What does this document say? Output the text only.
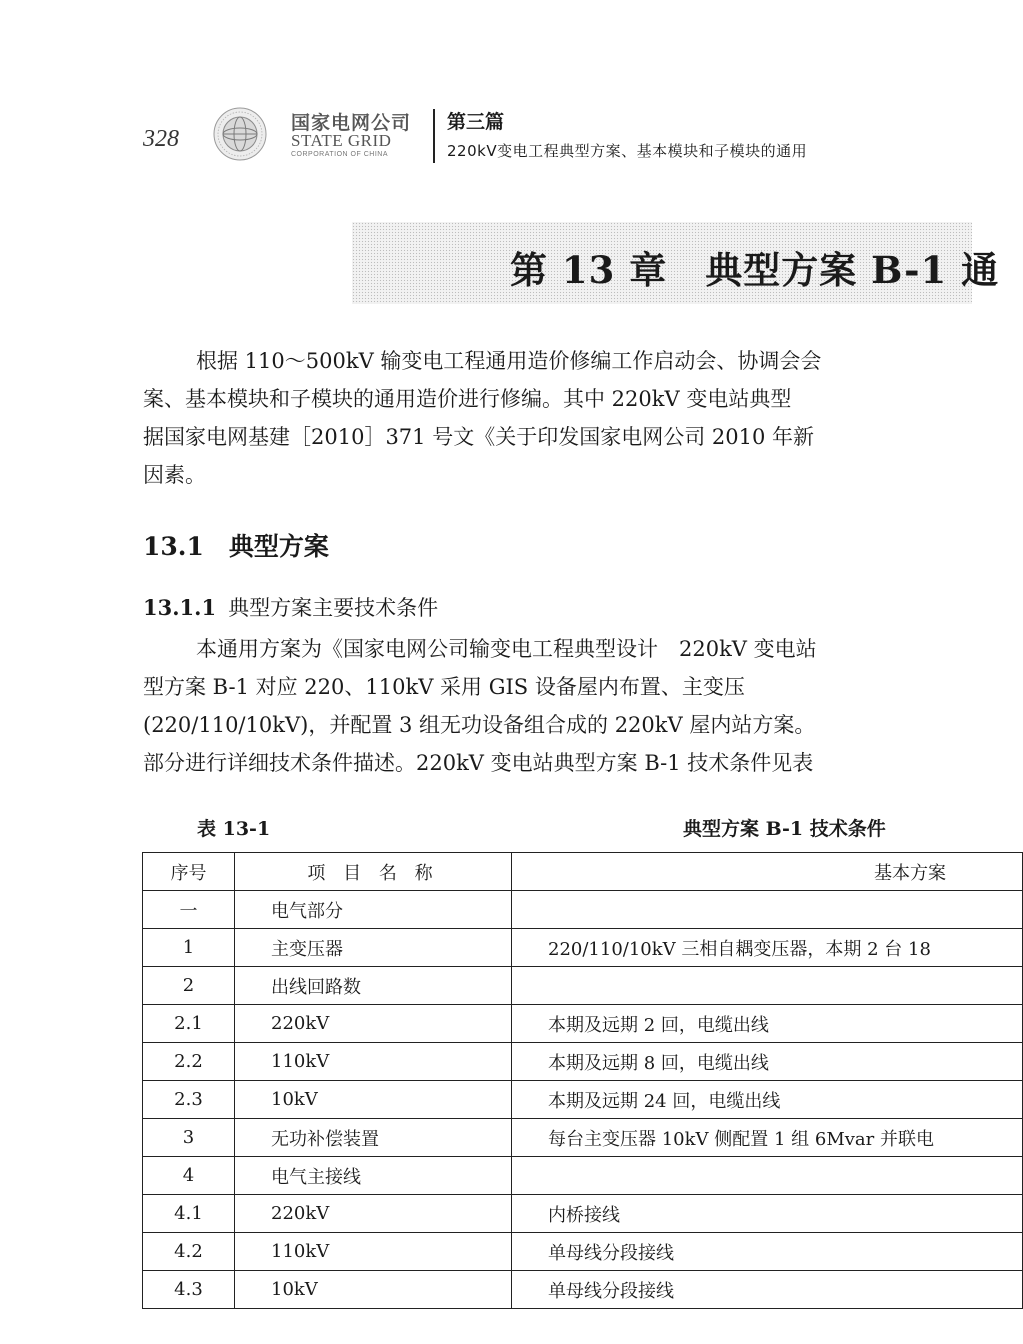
328
国家电网公司
STATE GRID
CORPORATION OF CHINA
第三篇
220kV变电工程典型方案、基本模块和子模块的通用
第 13 章　典型方案 B-1 通
根据 110～500kV 输变电工程通用造价修编工作启动会、协调会会
案、基本模块和子模块的通用造价进行修编。其中 220kV 变电站典型
据国家电网基建［2010］371 号文《关于印发国家电网公司 2010 年新
因素。
13.1　典型方案
13.1.1 典型方案主要技术条件
本通用方案为《国家电网公司输变电工程典型设计　220kV 变电站
型方案 B-1 对应 220、110kV 采用 GIS 设备屋内布置、主变压
(220/110/10kV)，并配置 3 组无功设备组合成的 220kV 屋内站方案。
部分进行详细技术条件描述。220kV 变电站典型方案 B-1 技术条件见表
表 13-1	典型方案 B-1 技术条件
序号	项 目 名 称	基本方案
一	电气部分	
1	主变压器	220/110/10kV 三相自耦变压器，本期 2 台 18
2	出线回路数	
2.1	220kV	本期及远期 2 回，电缆出线
2.2	110kV	本期及远期 8 回，电缆出线
2.3	10kV	本期及远期 24 回，电缆出线
3	无功补偿装置	每台主变压器 10kV 侧配置 1 组 6Mvar 并联电
4	电气主接线	
4.1	220kV	内桥接线
4.2	110kV	单母线分段接线
4.3	10kV	单母线分段接线
